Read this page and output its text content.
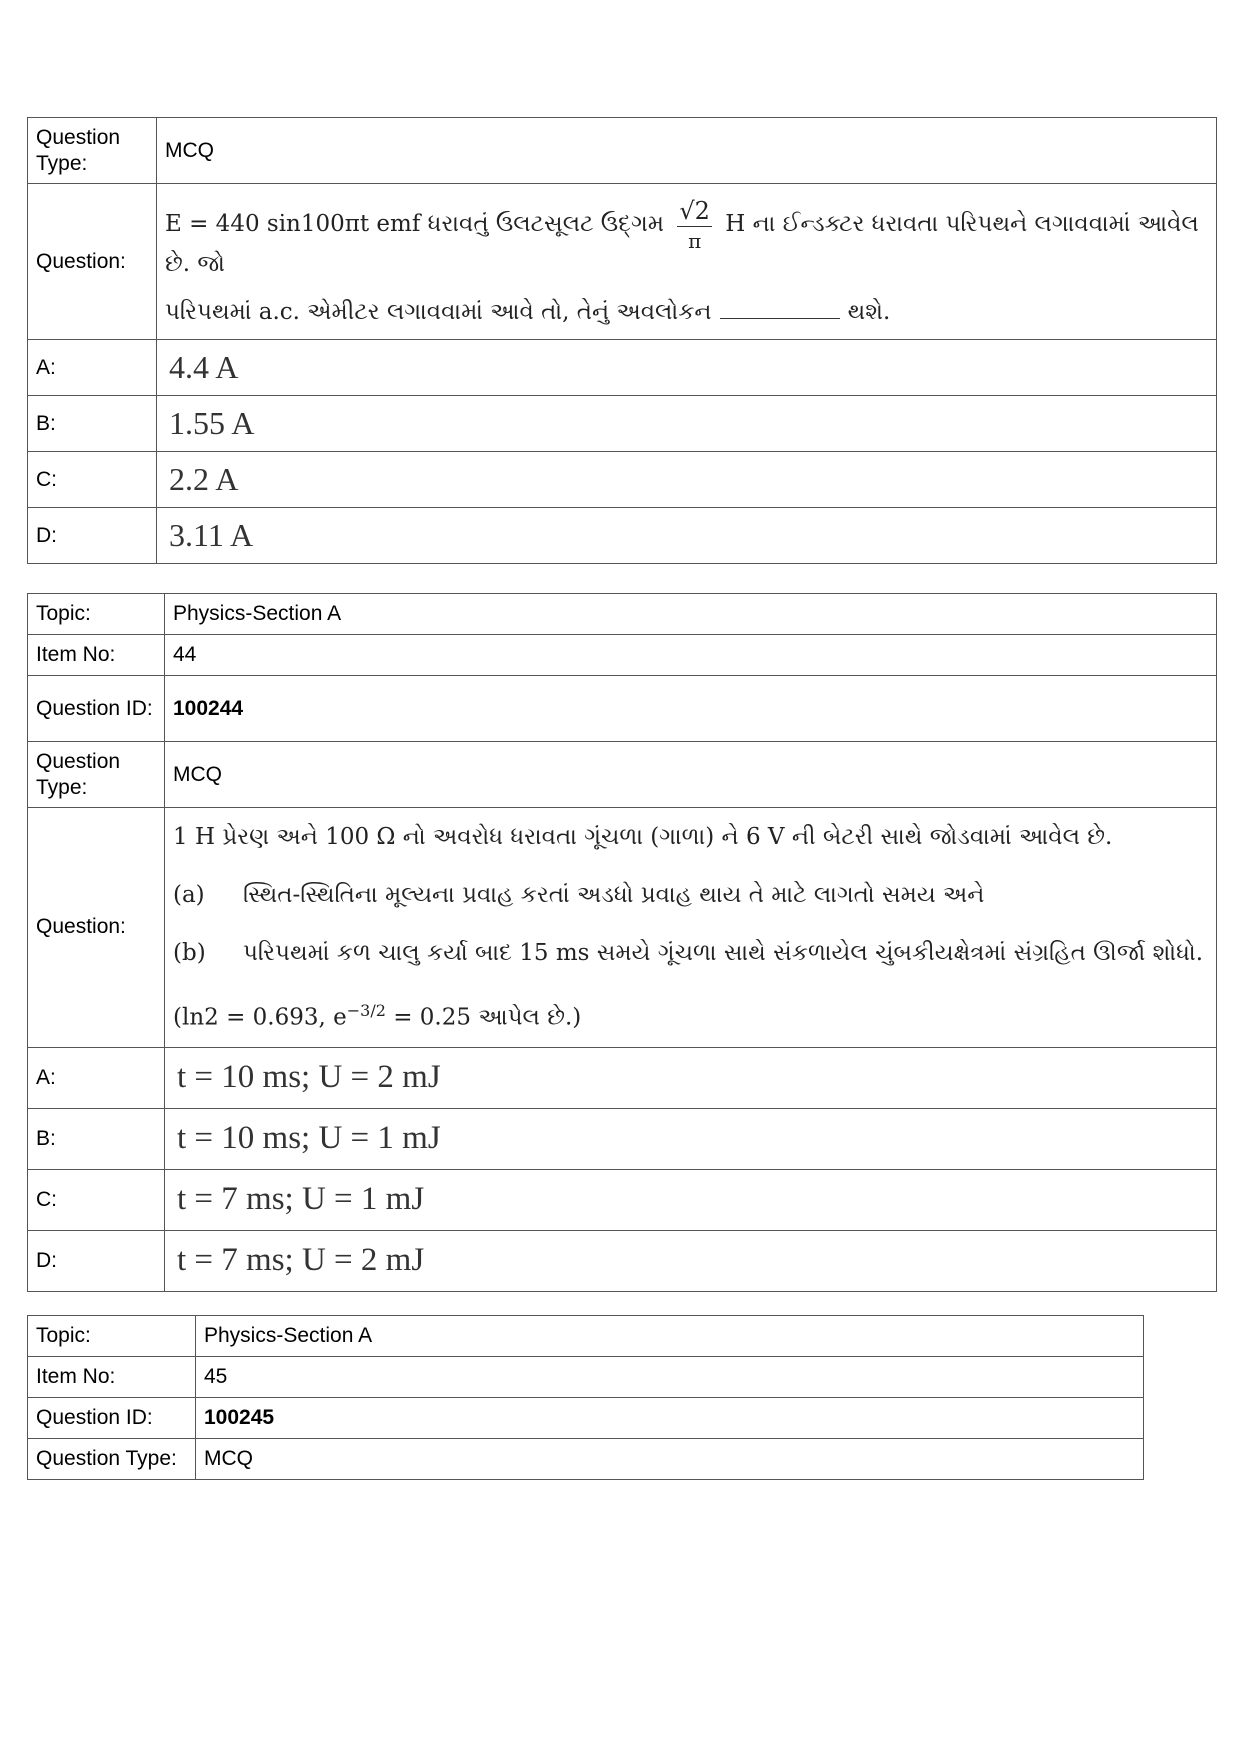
Question Type:	MCQ
Question:	E = 440 sin100πt emf ધરાવતું ઉલટસૂલટ ઉદ્ગમ $\frac{√2}{\pi}$ H ના ઈન્ડક્ટર ધરાવતા પરિપથને લગાવવામાં આવેલ છે. જો
પરિપથમાં a.c. એમીટર લગાવવામાં આવે તો, તેનું અવલોકન થશે.

A:	4.4 A
B:	1.55 A
C:	2.2 A
D:	3.11 A
Topic:	Physics-Section A
Item No:	44
Question ID:	100244
Question Type:	MCQ
Question:	1 H પ્રેરણ અને 100 Ω નો અવરોધ ધરાવતા ગૂંચળા (ગાળા) ને 6 V ની બેટરી સાથે જોડવામાં આવેલ છે.

(a) સ્થિત-સ્થિતિના મૂલ્યના પ્રવાહ કરતાં અડધો પ્રવાહ થાય તે માટે લાગતો સમય અને

(b) પરિપથમાં કળ ચાલુ કર્યા બાદ 15 ms સમયે ગૂંચળા સાથે સંકળાયેલ ચુંબકીયક્ષેત્રમાં સંગ્રહિત ઊર્જા શોધો.

(ln2 = 0.693, $e^{-3/2} = 0.25$ આપેલ છે.)

A:	t = 10 ms; U = 2 mJ
B:	t = 10 ms; U = 1 mJ
C:	t = 7 ms; U = 1 mJ
D:	t = 7 ms; U = 2 mJ
Topic:	Physics-Section A
Item No:	45
Question ID:	100245
Question Type:	MCQ
